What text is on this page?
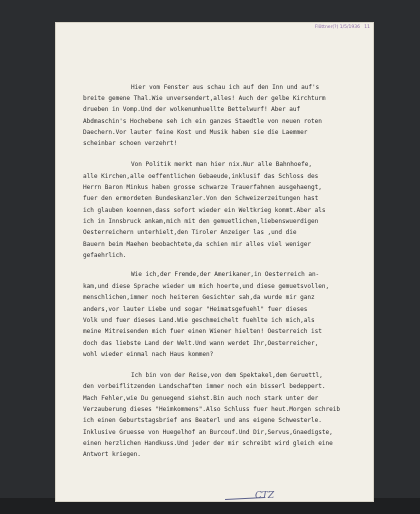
Flöttner(?) 1/5/1936 11
Hier vom Fenster aus schau ich auf den Inn und auf's
breite gemene Thal.Wie unversendert,alles! Auch der gelbe Kirchturm
drueben in Vomp.Und der wolkenumhuellte Bettelwurf! Aber auf
Abdmaschin's Hochebene seh ich ein ganzes Staedtle von neuen roten
Daechern.Vor lauter feine Kost und Musik haben sie die Laemmer
scheinbar schoen verzehrt!
Von Politik merkt man hier nix.Nur alle Bahnhoefe,
alle Kirchen,alle oeffentlichen Gebaeude,inklusif das Schloss des
Herrn Baron Minkus haben grosse schwarze Trauerfahnen ausgehaengt,
fuer den ermordeten Bundeskanzler.Von den Schweizerzeitungen hast
ich glauben koennen,dass sofort wieder ein Weltkrieg kommt.Aber als
ich in Innsbruck ankam,mich mit den gemuetlichen,liebenswuerdigen
Oesterreichern unterhielt,den Tiroler Anzeiger las ,und die
Bauern beim Maehen beobachtete,da schien mir alles viel weniger
gefaehrlich.
Wie ich,der Fremde,der Amerikaner,in Oesterreich an-
kam,und diese Sprache wieder um mich hoerte,und diese gemuetsvollen,
menschlichen,immer noch heiteren Gesichter sah,da wurde mir ganz
anders,vor lauter Liebe und sogar "Heimatsgefuehl" fuer dieses
Volk und fuer dieses Land.Wie geschmeichelt fuehlte ich mich,als
meine Mitreisenden mich fuer einen Wiener hielten! Oesterreich ist
doch das liebste Land der Welt.Und wann werdet Ihr,Oesterreicher,
wohl wieder einmal nach Haus kommen?
Ich bin von der Reise,von dem Spektakel,dem Geruettl,
den vorbeiflitzenden Landschaften immer noch ein bisserl bedeppert.
Mach Fehler,wie Du genuegend siehst.Bin auch noch stark unter der
Verzauberung dieses "Heimkommens".Also Schluss fuer heut.Morgen schreib
ich einen Geburtstagsbrief ans Beaterl und ans eigene Schwesterle.
Inklusive Gruesse von Huegelhof an Burcouf.Und Dir,Servus,Gnaedigste,
einen herzlichen Handkuss.Und jeder der mir schreibt wird gleich eine
Antwort kriegen.
CTZ
